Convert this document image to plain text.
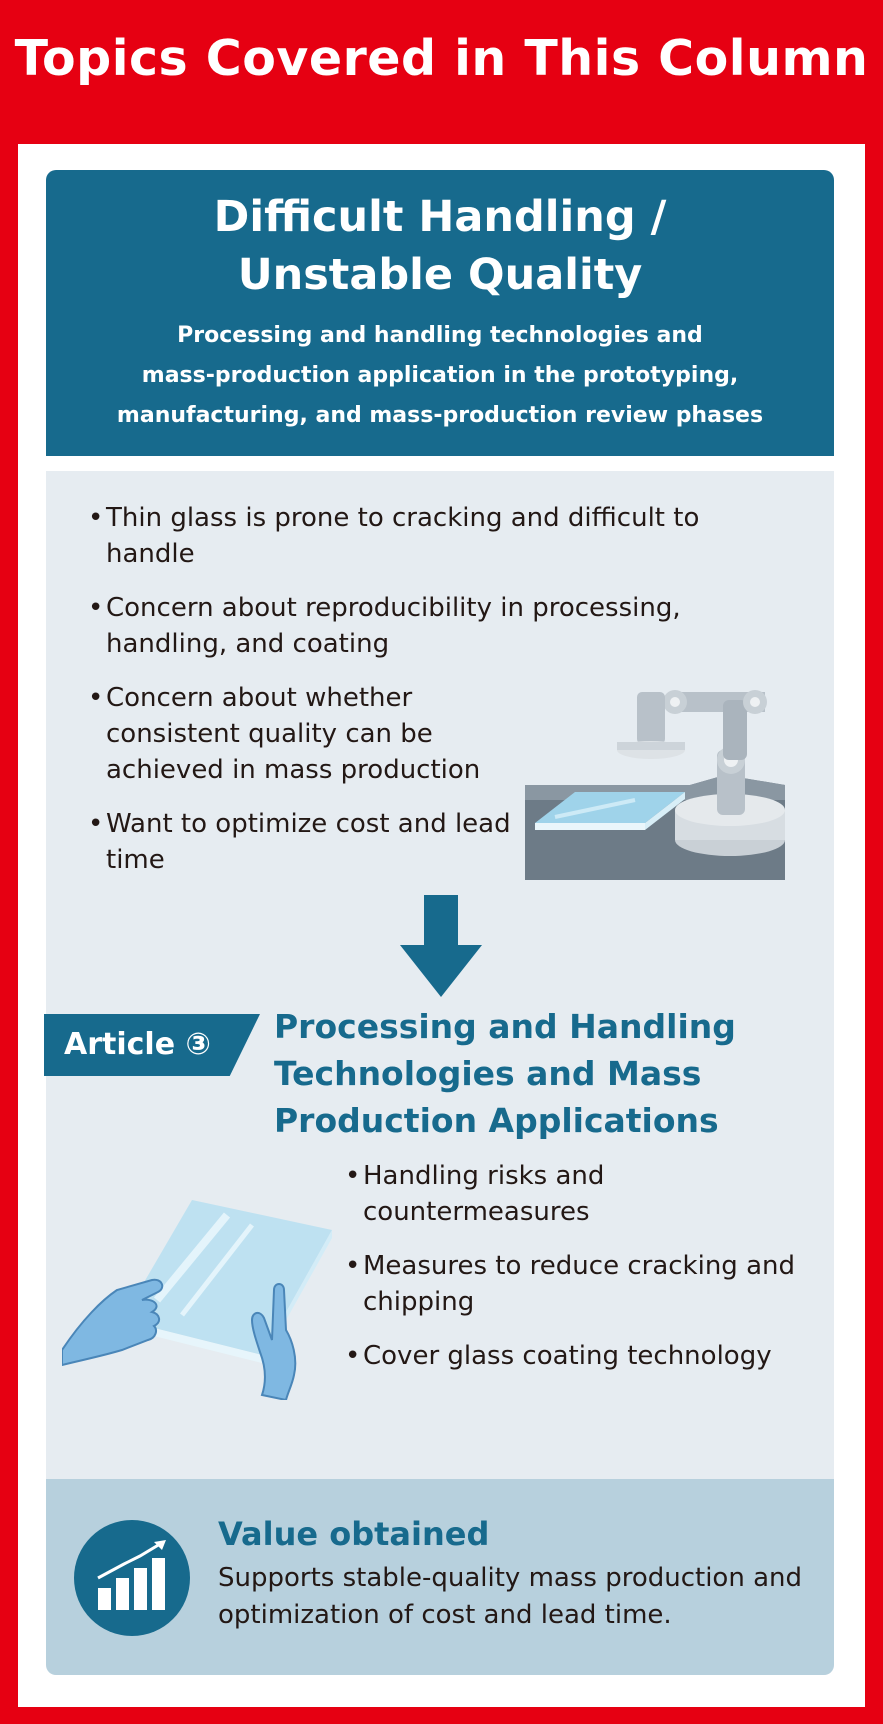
Topics Covered in This Column
Difficult Handling /
Unstable Quality
Processing and handling technologies and
mass-production application in the prototyping,
manufacturing, and mass-production review phases
• Thin glass is prone to cracking and difficult to handle
• Concern about reproducibility in processing, handling, and coating
• Concern about whether consistent quality can be achieved in mass production
• Want to optimize cost and lead time
Article ③ Processing and Handling
Technologies and Mass
Production Applications
• Handling risks and countermeasures
• Measures to reduce cracking and chipping
• Cover glass coating technology
Value obtained
Supports stable-quality mass production and optimization of cost and lead time.
